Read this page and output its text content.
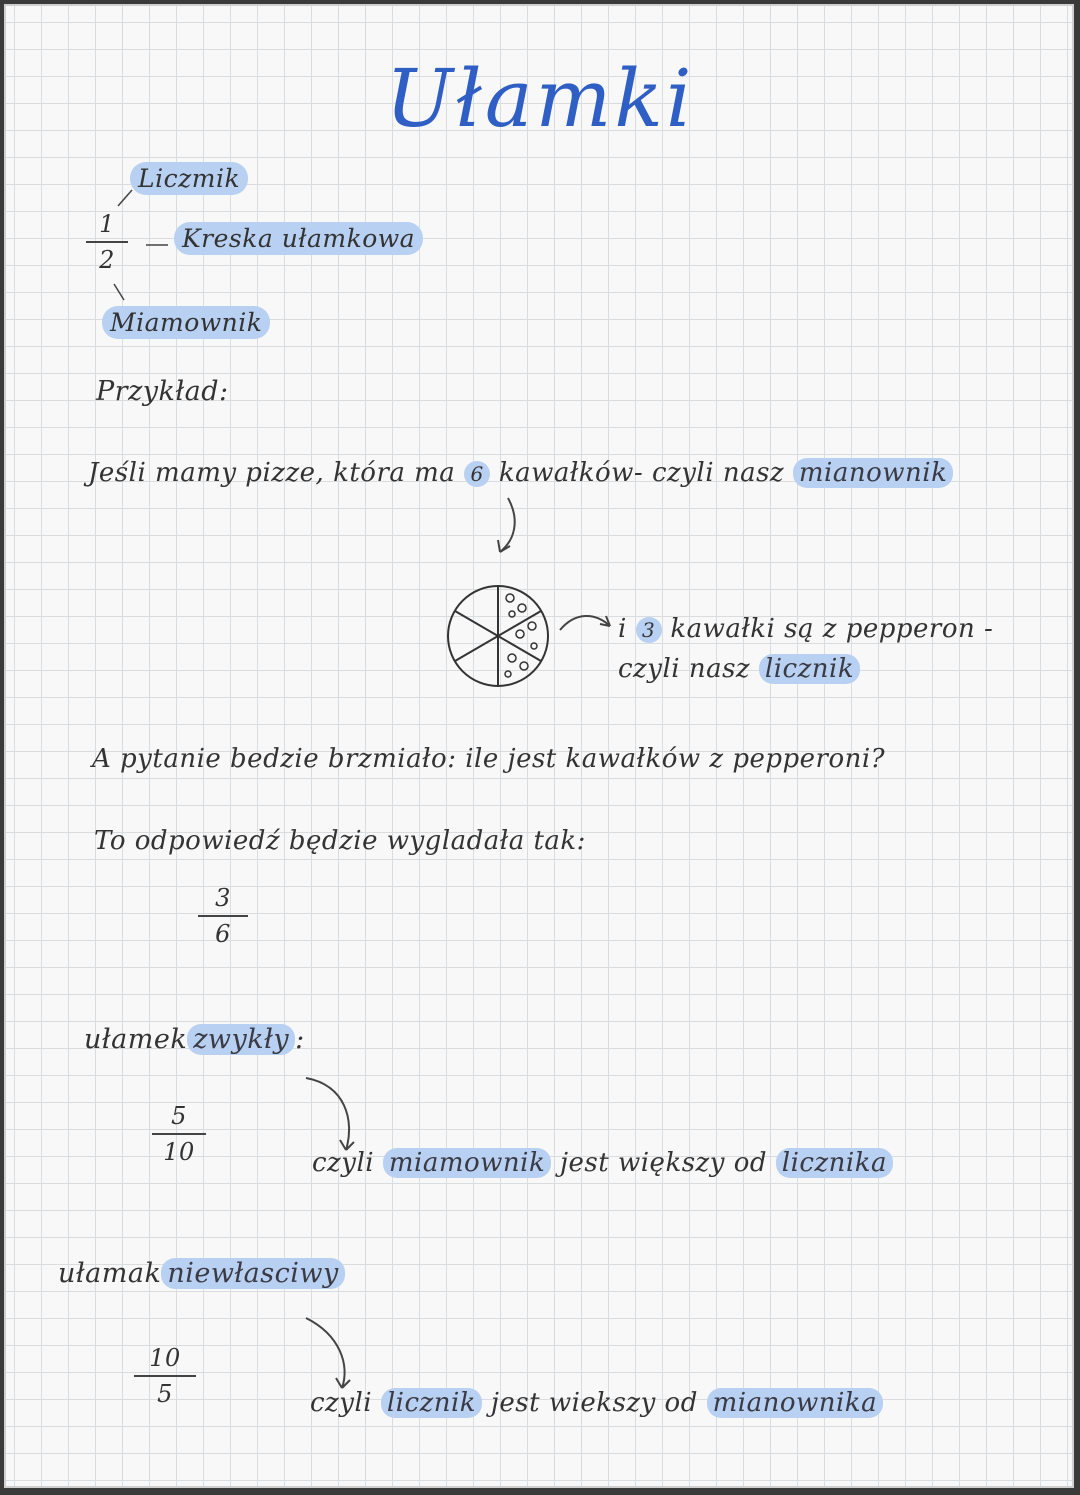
Ułamki
Liczmik
Kreska ułamkowa
Miamownik
1
2
Przykład:
Jeśli mamy pizze, która ma 6 kawałków- czyli nasz mianownik
i 3 kawałki są z pepperon -
czyli nasz licznik
A pytanie bedzie brzmiało: ile jest kawałków z pepperoni?
To odpowiedź będzie wygladała tak:
3
6
ułamek zwykły :
5
10	czyli miamownik jest większy od licznika
ułamak niewłasciwy
10
5	czyli licznik jest wiekszy od mianownika
